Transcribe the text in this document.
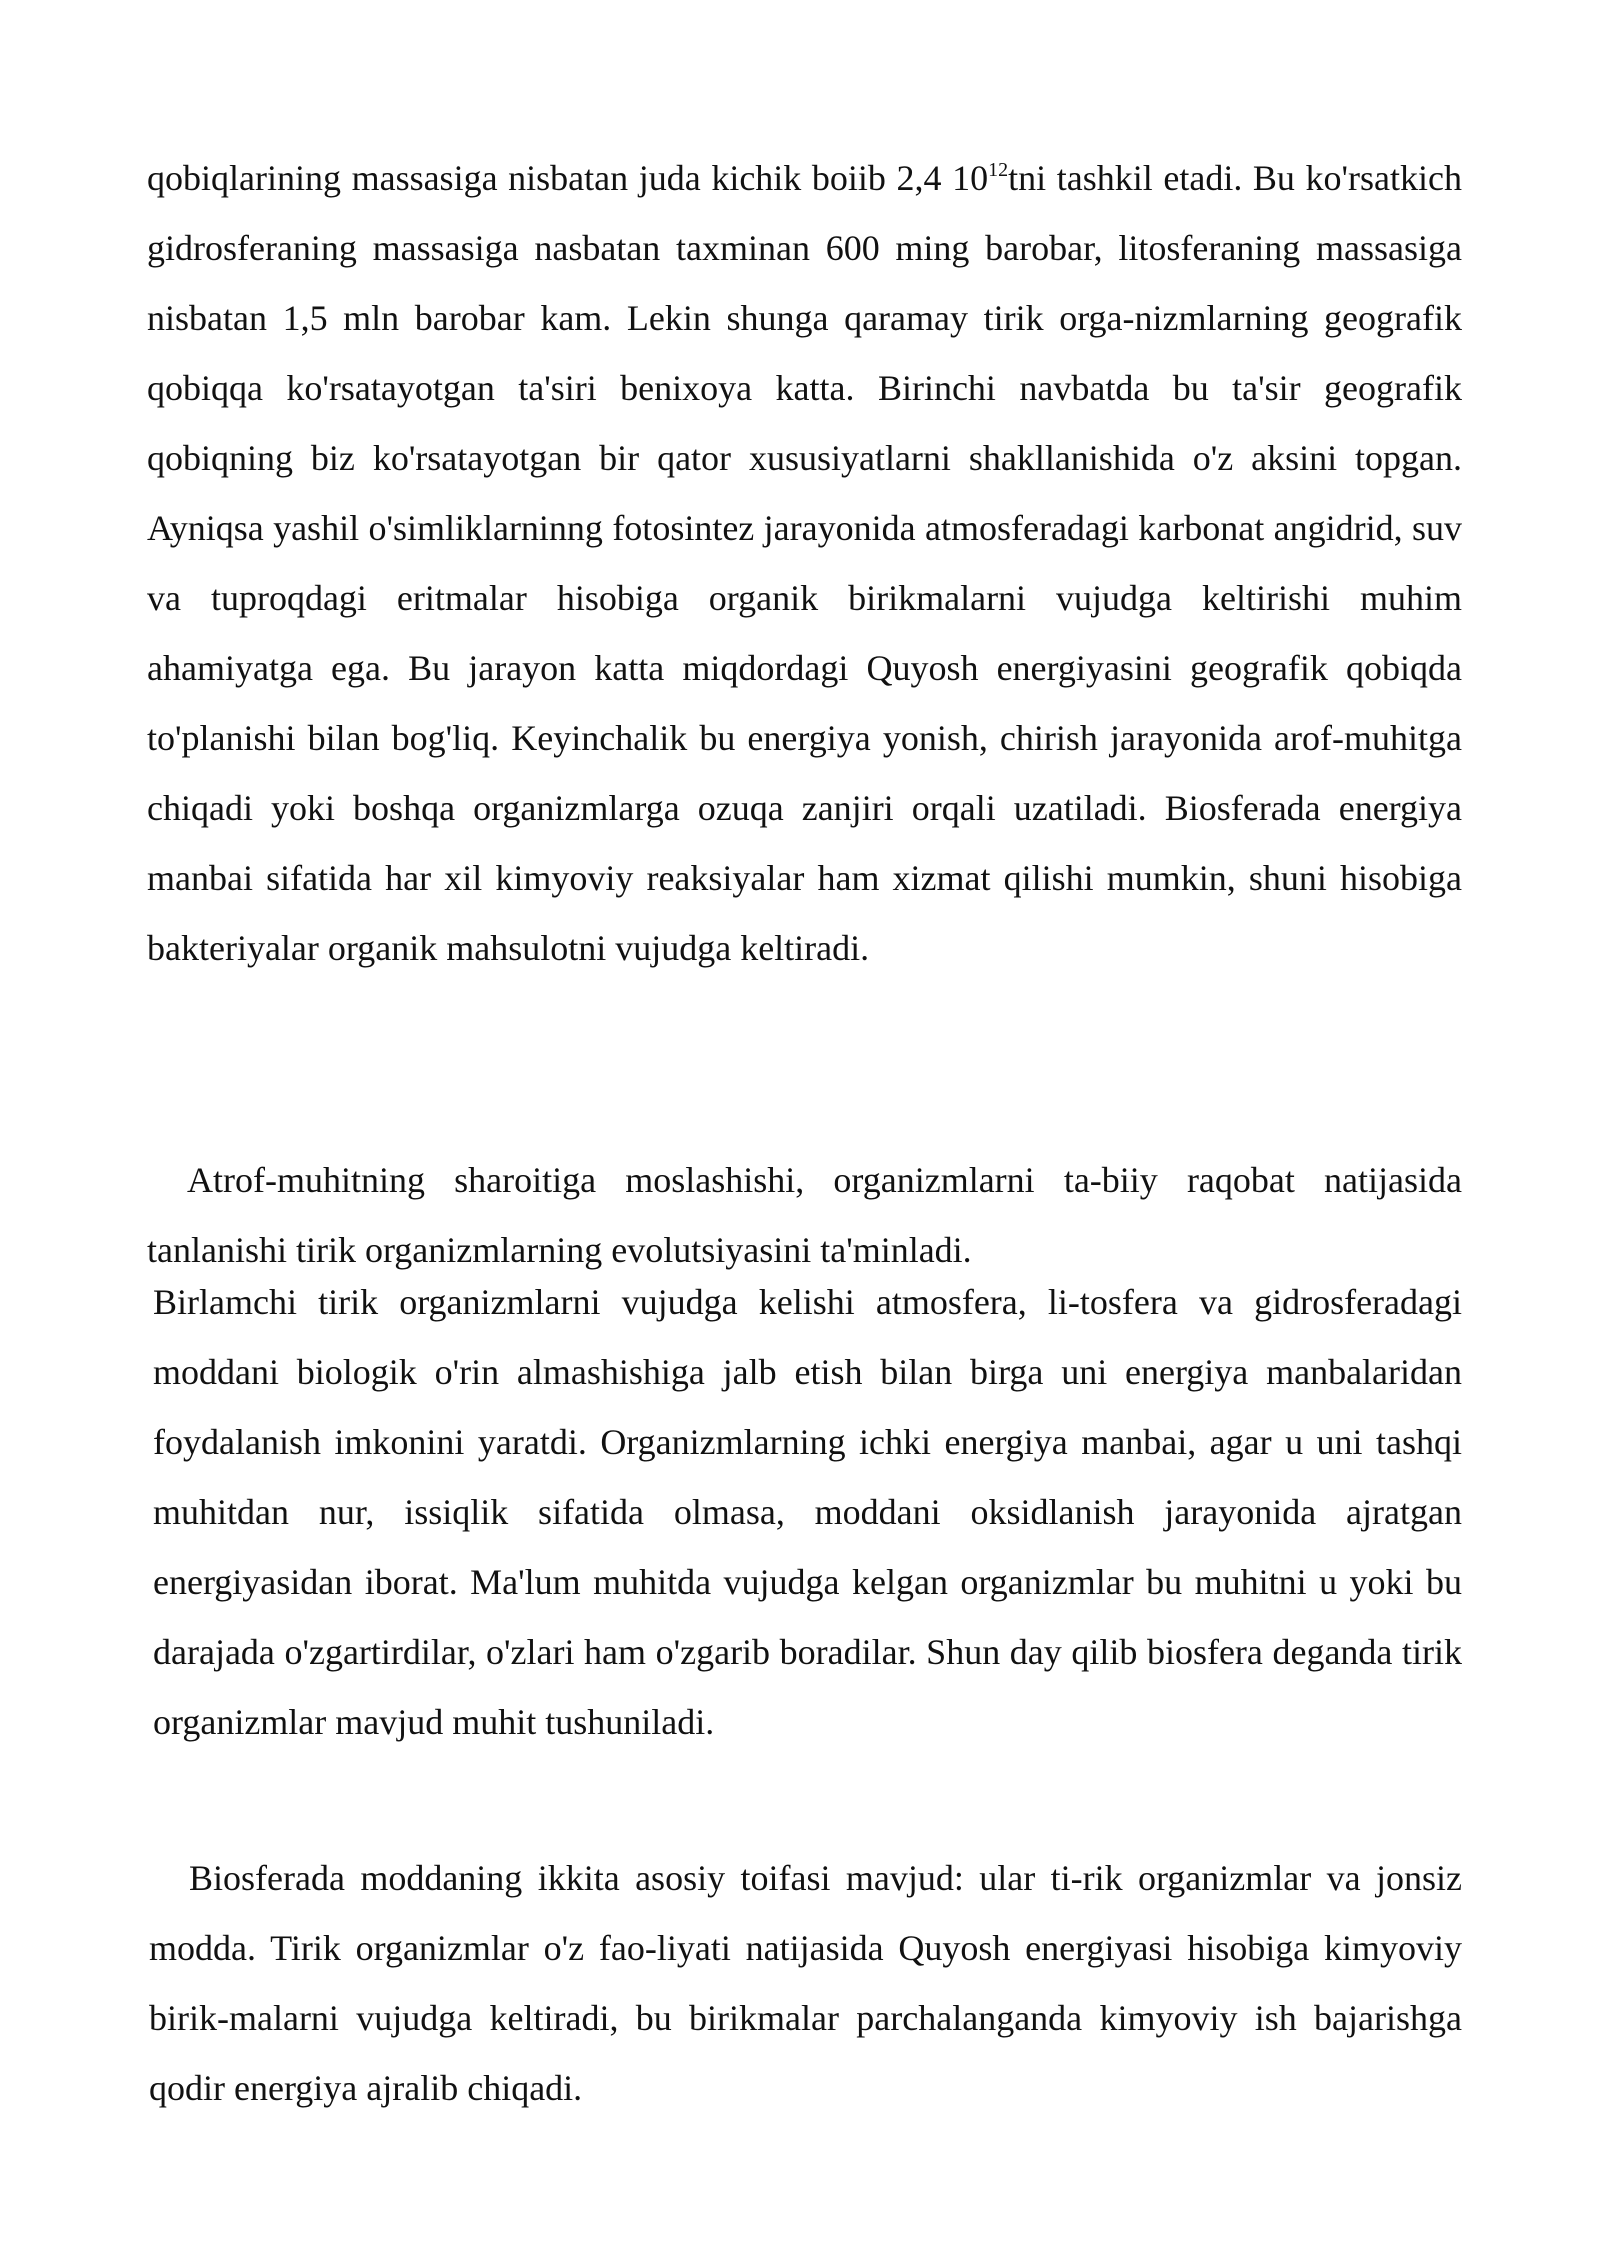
qobiqlarining massasiga nisbatan juda kichik boiib 2,4 $10^{12}tni$ tashkil etadi. Bu ko'rsatkich gidrosferaning massasiga nasbatan taxminan 600 ming barobar, litosferaning massasiga nisbatan 1,5 mln barobar kam. Lekin shunga qaramay tirik orga-nizmlarning geografik qobiqqa ko'rsatayotgan ta'siri benixoya katta. Birinchi navbatda bu ta'sir geografik qobiqning biz ko'rsatayotgan bir qator xususiyatlarni shakllanishida o'z aksini topgan. Ayniqsa yashil o'simliklarninng fotosintez jarayonida atmosferadagi karbonat angidrid, suv va tuproqdagi eritmalar hisobiga organik birikmalarni vujudga keltirishi muhim ahamiyatga ega. Bu jarayon katta miqdordagi Quyosh energiyasini geografik qobiqda to'planishi bilan bog'liq. Keyinchalik bu energiya yonish, chirish jarayonida arof-muhitga chiqadi yoki boshqa organizmlarga ozuqa zanjiri orqali uzatiladi. Biosferada energiya manbai sifatida har xil kimyoviy reaksiyalar ham xizmat qilishi mumkin, shuni hisobiga bakteriyalar organik mahsulotni vujudga keltiradi.

Atrof-muhitning sharoitiga moslashishi, organizmlarni ta-biiy raqobat natijasida tanlanishi tirik organizmlarning evolutsiyasini ta'minladi.

Birlamchi tirik organizmlarni vujudga kelishi atmosfera, li-tosfera va gidrosferadagi moddani biologik o'rin almashishiga jalb etish bilan birga uni energiya manbalaridan foydalanish imkonini yaratdi. Organizmlarning ichki energiya manbai, agar u uni tashqi muhitdan nur, issiqlik sifatida olmasa, moddani oksidlanish jarayonida ajratgan energiyasidan iborat. Ma'lum muhitda vujudga kelgan organizmlar bu muhitni u yoki bu darajada o'zgartirdilar, o'zlari ham o'zgarib boradilar. Shun day qilib biosfera deganda tirik organizmlar mavjud muhit tushuniladi.

Biosferada moddaning ikkita asosiy toifasi mavjud: ular ti-rik organizmlar va jonsiz modda. Tirik organizmlar o'z fao-liyati natijasida Quyosh energiyasi hisobiga kimyoviy birik-malarni vujudga keltiradi, bu birikmalar parchalanganda kimyoviy ish bajarishga qodir energiya ajralib chiqadi.
